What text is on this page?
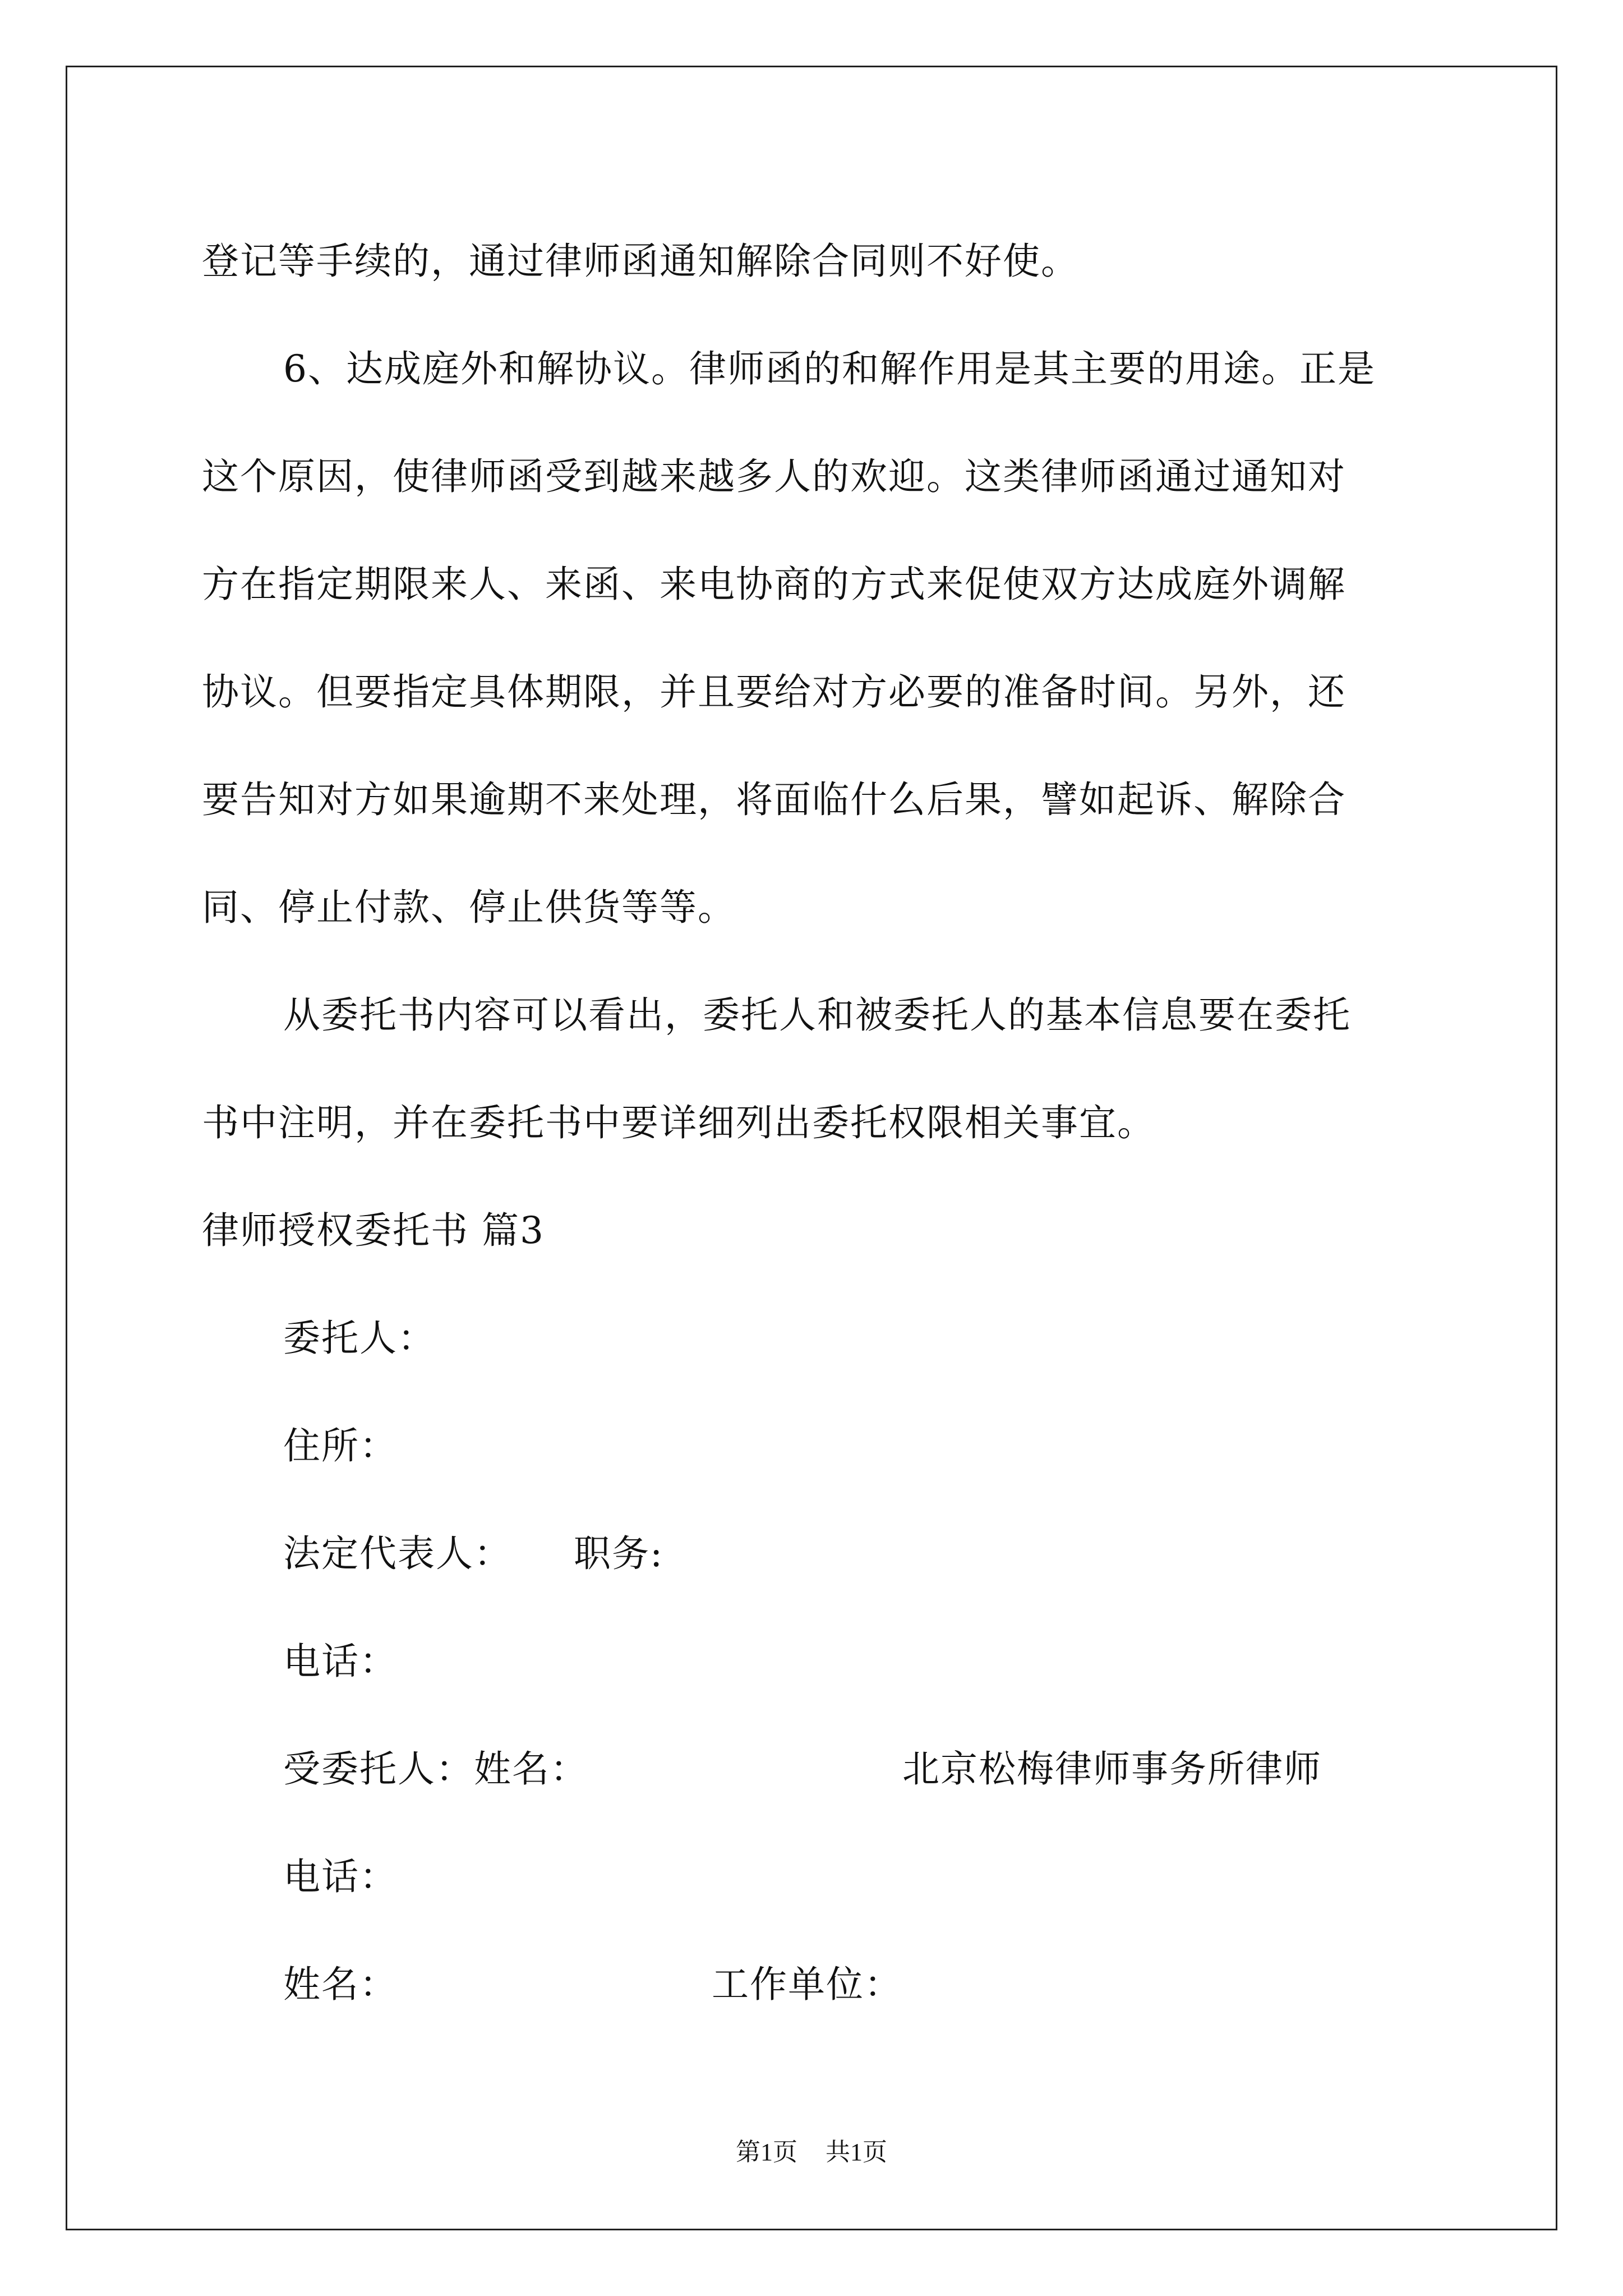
登记等手续的，通过律师函通知解除合同则不好使。
6、达成庭外和解协议。律师函的和解作用是其主要的用途。正是
这个原因，使律师函受到越来越多人的欢迎。这类律师函通过通知对
方在指定期限来人、来函、来电协商的方式来促使双方达成庭外调解
协议。但要指定具体期限，并且要给对方必要的准备时间。另外，还
要告知对方如果逾期不来处理，将面临什么后果，譬如起诉、解除合
同、停止付款、停止供货等等。
从委托书内容可以看出，委托人和被委托人的基本信息要在委托
书中注明，并在委托书中要详细列出委托权限相关事宜。
律师授权委托书 篇3
委托人：
住所：
法定代表人： 职务:
电话：
受委托人：姓名：	北京松梅律师事务所律师
电话：
姓名：	工作单位：
第1页 共1页
